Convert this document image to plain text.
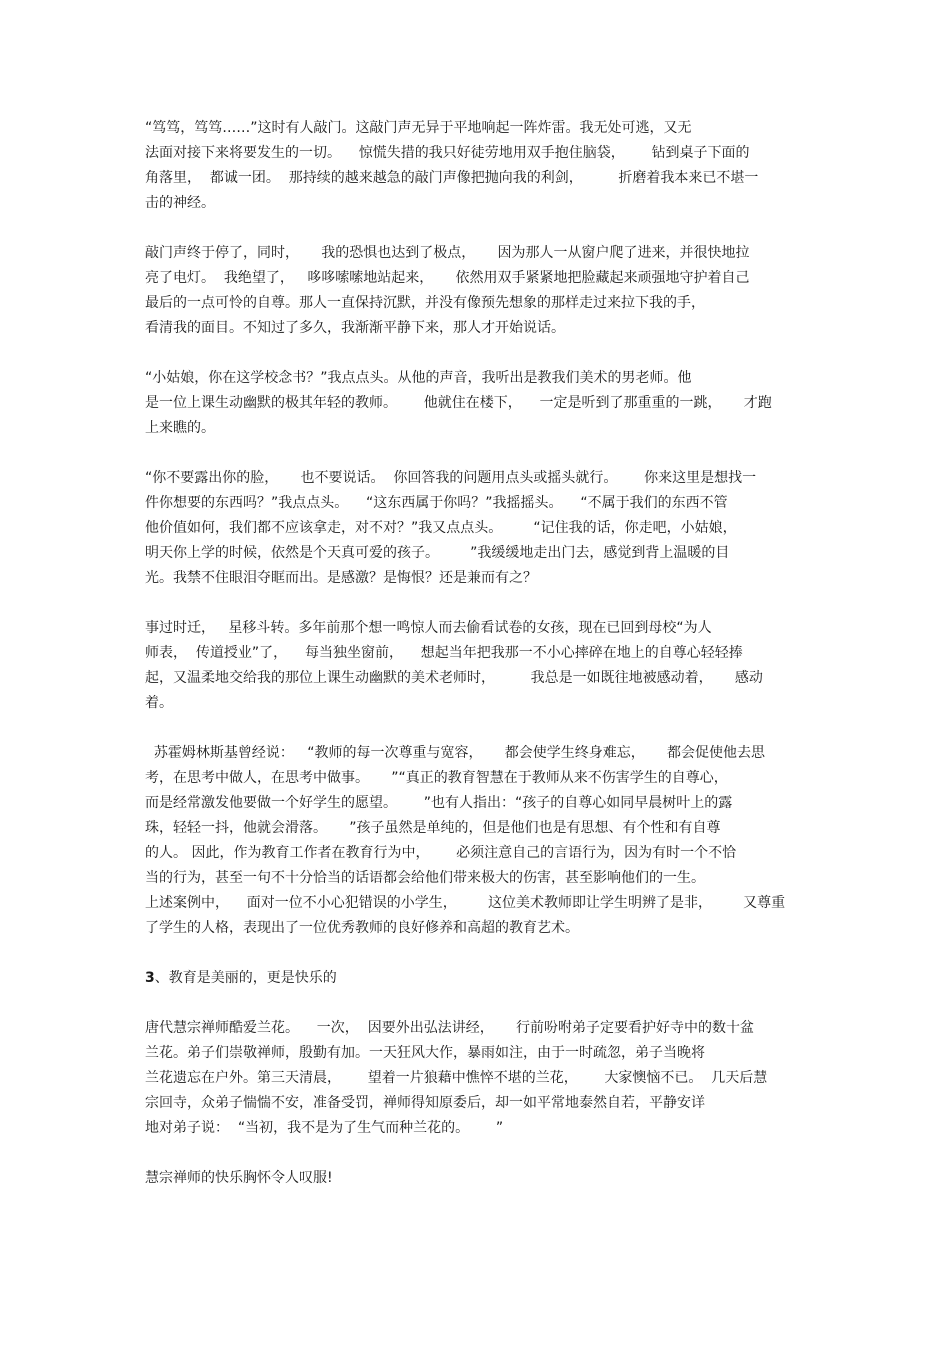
“笃笃，笃笃……”这时有人敲门。这敲门声无异于平地响起一阵炸雷。我无处可逃，又无
法面对接下来将要发生的一切。    惊慌失措的我只好徒劳地用双手抱住脑袋，      钻到桌子下面的
角落里，  都诚一团。  那持续的越来越急的敲门声像把抛向我的利剑，        折磨着我本来已不堪一
击的神经。
敲门声终于停了，同时，     我的恐惧也达到了极点，     因为那人一从窗户爬了进来，并很快地拉
亮了电灯。  我绝望了，   哆哆嗦嗦地站起来，     依然用双手紧紧地把脸藏起来顽强地守护着自己
最后的一点可怜的自尊。那人一直保持沉默，并没有像预先想象的那样走过来拉下我的手，
看清我的面目。不知过了多久，我渐渐平静下来，那人才开始说话。
“小姑娘，你在这学校念书？”我点点头。从他的声音，我听出是教我们美术的男老师。他
是一位上课生动幽默的极其年轻的教师。      他就住在楼下，    一定是听到了那重重的一跳，     才跑
上来瞧的。
“你不要露出你的脸，     也不要说话。  你回答我的问题用点头或摇头就行。      你来这里是想找一
件你想要的东西吗？”我点点头。    “这东西属于你吗？”我摇摇头。    “不属于我们的东西不管
他价值如何，我们都不应该拿走，对不对？”我又点点头。       “记住我的话，你走吧，小姑娘，
明天你上学的时候，依然是个天真可爱的孩子。       ”我缓缓地走出门去，感觉到背上温暖的目
光。我禁不住眼泪夺眶而出。是感激？是悔恨？还是兼而有之？
事过时迁，   星移斗转。多年前那个想一鸣惊人而去偷看试卷的女孩，现在已回到母校“为人
师表，  传道授业”了，    每当独坐窗前，    想起当年把我那一不小心摔碎在地上的自尊心轻轻捧
起，又温柔地交给我的那位上课生动幽默的美术老师时，        我总是一如既往地被感动着，     感动
着。
苏霍姆林斯基曾经说：   “教师的每一次尊重与宽容，     都会使学生终身难忘，     都会促使他去思
考，在思考中做人，在思考中做事。     ”“真正的教育智慧在于教师从来不伤害学生的自尊心，
而是经常激发他要做一个好学生的愿望。      ”也有人指出：“孩子的自尊心如同早晨树叶上的露
珠，轻轻一抖，他就会滑落。     ”孩子虽然是单纯的，但是他们也是有思想、有个性和有自尊
的人。 因此，作为教育工作者在教育行为中，      必须注意自己的言语行为，因为有时一个不恰
当的行为，甚至一句不十分恰当的话语都会给他们带来极大的伤害，甚至影响他们的一生。
上述案例中，    面对一位不小心犯错误的小学生，       这位美术教师即让学生明辨了是非，       又尊重
了学生的人格，表现出了一位优秀教师的良好修养和高超的教育艺术。
3、教育是美丽的，更是快乐的
唐代慧宗禅师酷爱兰花。    一次，  因要外出弘法讲经，     行前吩咐弟子定要看护好寺中的数十盆
兰花。弟子们崇敬禅师，殷勤有加。一天狂风大作，暴雨如注，由于一时疏忽，弟子当晚将
兰花遗忘在户外。第三天清晨，      望着一片狼藉中憔悴不堪的兰花，      大家懊恼不已。  几天后慧
宗回寺，众弟子惴惴不安，准备受罚，禅师得知原委后，却一如平常地泰然自若，平静安详
地对弟子说：  “当初，我不是为了生气而种兰花的。      ”
慧宗禅师的快乐胸怀令人叹服!
